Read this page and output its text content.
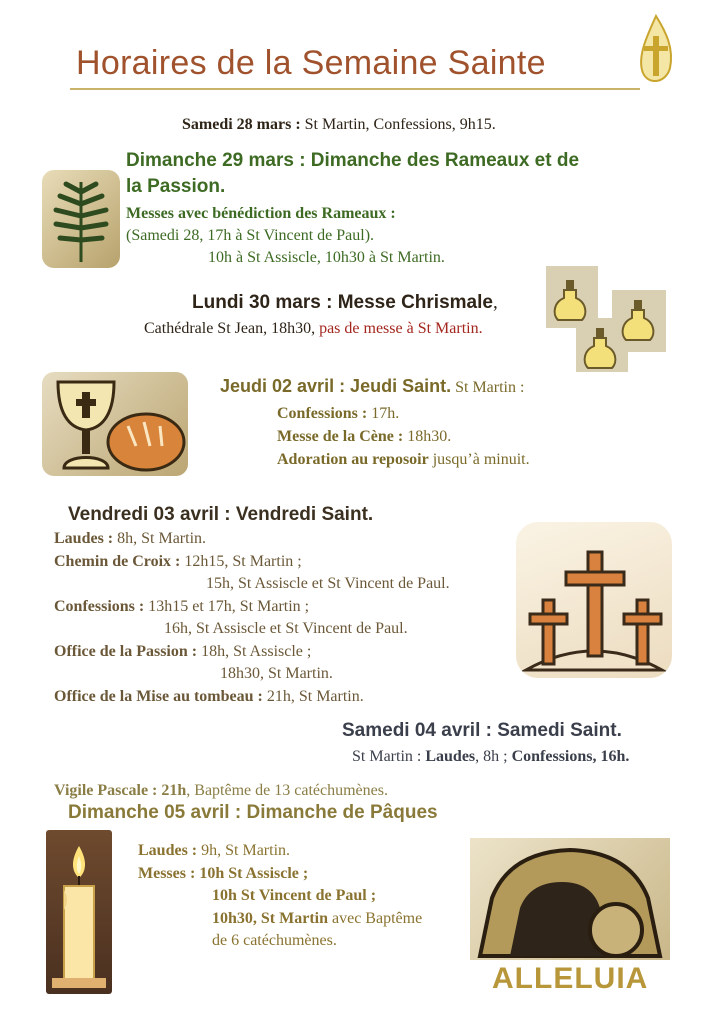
Horaires de la Semaine Sainte
Samedi 28 mars : St Martin, Confessions, 9h15.
Dimanche 29 mars : Dimanche des Rameaux et de
la Passion.
Messes avec bénédiction des Rameaux :
(Samedi 28, 17h à St Vincent de Paul).
10h à St Assiscle, 10h30 à St Martin.
Lundi 30 mars : Messe Chrismale,
Cathédrale St Jean, 18h30, pas de messe à St Martin.
Jeudi 02 avril : Jeudi Saint. St Martin :
Confessions : 17h.
Messe de la Cène : 18h30.
Adoration au reposoir jusqu’à minuit.
Vendredi 03 avril : Vendredi Saint.
Laudes : 8h, St Martin.
Chemin de Croix : 12h15, St Martin ;
15h, St Assiscle et St Vincent de Paul.
Confessions : 13h15 et 17h, St Martin ;
16h, St Assiscle et St Vincent de Paul.
Office de la Passion : 18h, St Assiscle ;
18h30, St Martin.
Office de la Mise au tombeau : 21h, St Martin.
Samedi 04 avril : Samedi Saint.
St Martin : Laudes, 8h ; Confessions, 16h.
Vigile Pascale : 21h, Baptême de 13 catéchumènes.
Dimanche 05 avril : Dimanche de Pâques
Laudes : 9h, St Martin.
Messes : 10h St Assiscle ;
10h St Vincent de Paul ;
10h30, St Martin avec Baptême
de 6 catéchumènes.
ALLELUIA
